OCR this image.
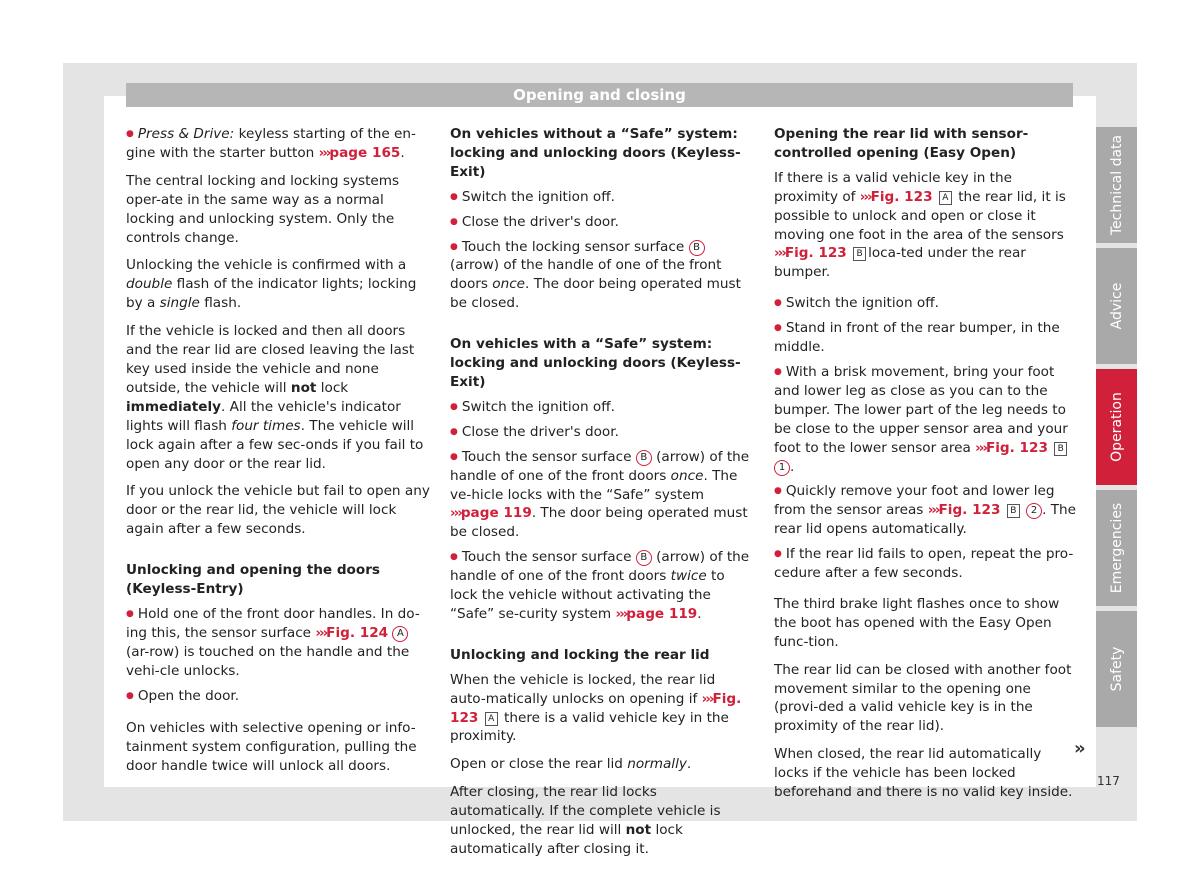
Opening and closing

● Press & Drive: keyless starting of the en-gine with the starter button ››› page 165.

The central locking and locking systems oper-ate in the same way as a normal locking and unlocking system. Only the controls change.

Unlocking the vehicle is confirmed with a double flash of the indicator lights; locking by a single flash.

If the vehicle is locked and then all doors and the rear lid are closed leaving the last key used inside the vehicle and none outside, the vehicle will not lock immediately. All the vehicle's indicator lights will flash four times. The vehicle will lock again after a few sec-onds if you fail to open any door or the rear lid.

If you unlock the vehicle but fail to open any door or the rear lid, the vehicle will lock again after a few seconds.

Unlocking and opening the doors (Keyless-Entry)

● Hold one of the front door handles. In do-ing this, the sensor surface ››› Fig. 124 A (ar-row) is touched on the handle and the vehi-cle unlocks.

● Open the door.

On vehicles with selective opening or info-tainment system configuration, pulling the door handle twice will unlock all doors.

On vehicles without a “Safe” system: locking and unlocking doors (Keyless-Exit)

● Switch the ignition off.

● Close the driver's door.

● Touch the locking sensor surface B (arrow) of the handle of one of the front doors once. The door being operated must be closed.

On vehicles with a “Safe” system: locking and unlocking doors (Keyless-Exit)

● Switch the ignition off.

● Close the driver's door.

● Touch the sensor surface B (arrow) of the handle of one of the front doors once. The ve-hicle locks with the “Safe” system ››› page 119. The door being operated must be closed.

● Touch the sensor surface B (arrow) of the handle of one of the front doors twice to lock the vehicle without activating the “Safe” se-curity system ››› page 119.

Unlocking and locking the rear lid

When the vehicle is locked, the rear lid auto-matically unlocks on opening if ››› Fig. 123 A there is a valid vehicle key in the proximity.

Open or close the rear lid normally.

After closing, the rear lid locks automatically. If the complete vehicle is unlocked, the rear lid will not lock automatically after closing it.

Opening the rear lid with sensor-controlled opening (Easy Open)

If there is a valid vehicle key in the proximity of ››› Fig. 123 A the rear lid, it is possible to unlock and open or close it moving one foot in the area of the sensors ››› Fig. 123 B loca-ted under the rear bumper.

● Switch the ignition off.

● Stand in front of the rear bumper, in the middle.

● With a brisk movement, bring your foot and lower leg as close as you can to the bumper. The lower part of the leg needs to be close to the upper sensor area and your foot to the lower sensor area ››› Fig. 123 B 1 .

● Quickly remove your foot and lower leg from the sensor areas ››› Fig. 123 B 2 . The rear lid opens automatically.

● If the rear lid fails to open, repeat the pro-cedure after a few seconds.

The third brake light flashes once to show the boot has opened with the Easy Open func-tion.

The rear lid can be closed with another foot movement similar to the opening one (provi-ded a valid vehicle key is in the proximity of the rear lid).

When closed, the rear lid automatically locks if the vehicle has been locked beforehand and there is no valid key inside.

Technical data
Advice
Operation
Emergencies
Safety
»
117
